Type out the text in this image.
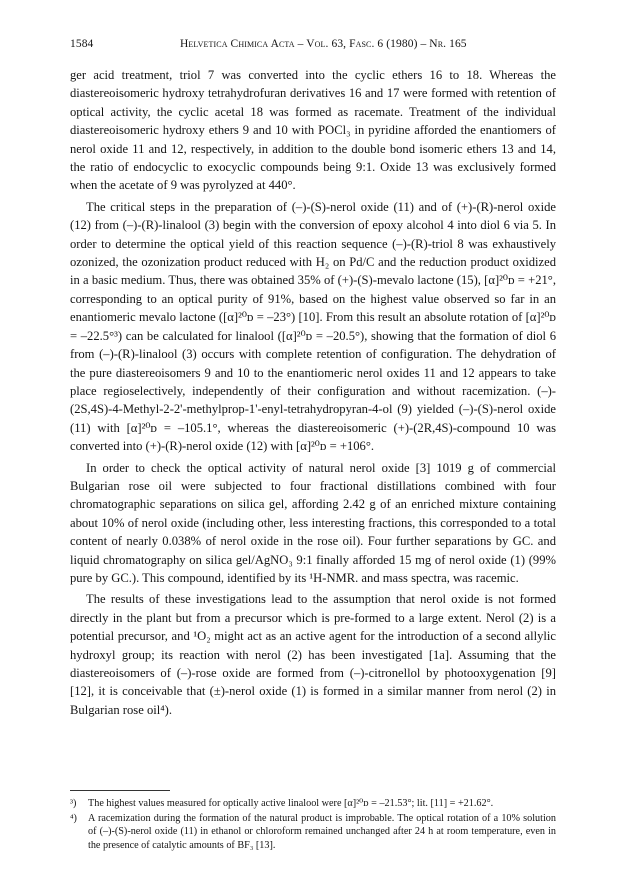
1584	Helvetica Chimica Acta – Vol. 63, Fasc. 6 (1980) – Nr. 165

ger acid treatment, triol 7 was converted into the cyclic ethers 16 to 18. Whereas the diastereoisomeric hydroxy tetrahydrofuran derivatives 16 and 17 were formed with retention of optical activity, the cyclic acetal 18 was formed as racemate. Treatment of the individual diastereoisomeric hydroxy ethers 9 and 10 with POCl₃ in pyridine afforded the enantiomers of nerol oxide 11 and 12, respectively, in addition to the double bond isomeric ethers 13 and 14, the ratio of endocyclic to exocyclic compounds being 9:1. Oxide 13 was exclusively formed when the acetate of 9 was pyrolyzed at 440°.

The critical steps in the preparation of (–)-(S)-nerol oxide (11) and of (+)-(R)-nerol oxide (12) from (–)-(R)-linalool (3) begin with the conversion of epoxy alcohol 4 into diol 6 via 5. In order to determine the optical yield of this reaction sequence (–)-(R)-triol 8 was exhaustively ozonized, the ozonization product reduced with H₂ on Pd/C and the reduction product oxidized in a basic medium. Thus, there was obtained 35% of (+)-(S)-mevalo lactone (15), [α]²⁰ᴅ = +21°, corresponding to an optical purity of 91%, based on the highest value observed so far in an enantiomeric mevalo lactone ([α]²⁰ᴅ = –23°) [10]. From this result an absolute rotation of [α]²⁰ᴅ = –22.5°³) can be calculated for linalool ([α]²⁰ᴅ = –20.5°), showing that the formation of diol 6 from (–)-(R)-linalool (3) occurs with complete retention of configuration. The dehydration of the pure diastereoisomers 9 and 10 to the enantiomeric nerol oxides 11 and 12 appears to take place regioselectively, independently of their configuration and without racemization. (–)-(2S,4S)-4-Methyl-2-2'-methylprop-1'-enyl-tetrahydropyran-4-ol (9) yielded (–)-(S)-nerol oxide (11) with [α]²⁰ᴅ = –105.1°, whereas the diastereoisomeric (+)-(2R,4S)-compound 10 was converted into (+)-(R)-nerol oxide (12) with [α]²⁰ᴅ = +106°.

In order to check the optical activity of natural nerol oxide [3] 1019 g of commercial Bulgarian rose oil were subjected to four fractional distillations combined with four chromatographic separations on silica gel, affording 2.42 g of an enriched mixture containing about 10% of nerol oxide (including other, less interesting fractions, this corresponded to a total content of nearly 0.038% of nerol oxide in the rose oil). Four further separations by GC. and liquid chromatography on silica gel/AgNO₃ 9:1 finally afforded 15 mg of nerol oxide (1) (99% pure by GC.). This compound, identified by its ¹H-NMR. and mass spectra, was racemic.

The results of these investigations lead to the assumption that nerol oxide is not formed directly in the plant but from a precursor which is pre-formed to a large extent. Nerol (2) is a potential precursor, and ¹O₂ might act as an active agent for the introduction of a second allylic hydroxyl group; its reaction with nerol (2) has been investigated [1a]. Assuming that the diastereoisomers of (–)-rose oxide are formed from (–)-citronellol by photooxygenation [9] [12], it is conceivable that (±)-nerol oxide (1) is formed in a similar manner from nerol (2) in Bulgarian rose oil⁴).

³) The highest values measured for optically active linalool were [α]²⁰ᴅ = –21.53°; lit. [11] = +21.62°.
⁴) A racemization during the formation of the natural product is improbable. The optical rotation of a 10% solution of (–)-(S)-nerol oxide (11) in ethanol or chloroform remained unchanged after 24 h at room temperature, even in the presence of catalytic amounts of BF₃ [13].
